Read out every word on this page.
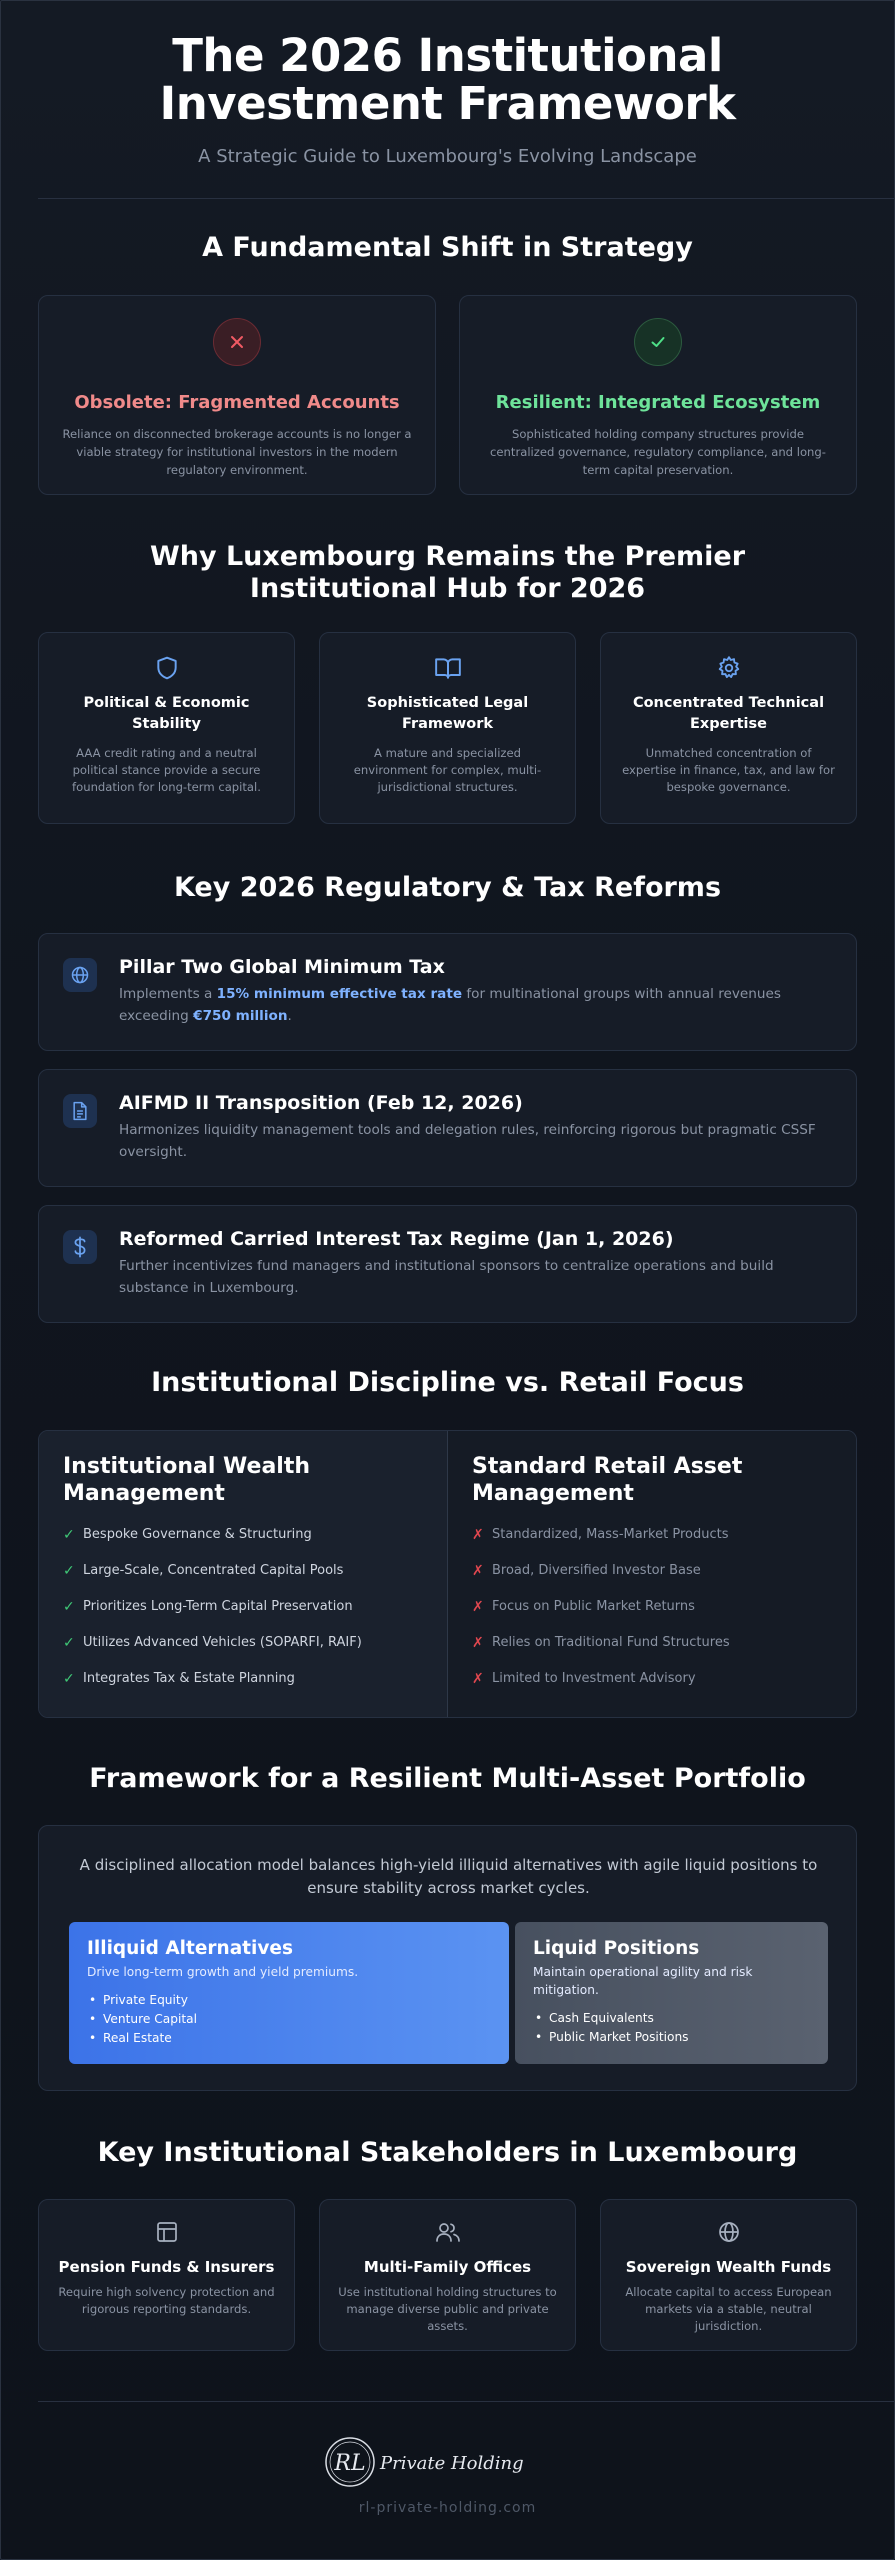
The 2026 Institutional Investment Framework
A Strategic Guide to Luxembourg's Evolving Landscape
A Fundamental Shift in Strategy
Obsolete: Fragmented Accounts
Reliance on disconnected brokerage accounts is no longer a viable strategy for institutional investors in the modern regulatory environment.
Resilient: Integrated Ecosystem
Sophisticated holding company structures provide centralized governance, regulatory compliance, and long-term capital preservation.
Why Luxembourg Remains the Premier Institutional Hub for 2026
Political & Economic Stability
AAA credit rating and a neutral political stance provide a secure foundation for long-term capital.
Sophisticated Legal Framework
A mature and specialized environment for complex, multi-jurisdictional structures.
Concentrated Technical Expertise
Unmatched concentration of expertise in finance, tax, and law for bespoke governance.
Key 2026 Regulatory & Tax Reforms
Pillar Two Global Minimum Tax
Implements a 15% minimum effective tax rate for multinational groups with annual revenues exceeding €750 million.
AIFMD II Transposition (Feb 12, 2026)
Harmonizes liquidity management tools and delegation rules, reinforcing rigorous but pragmatic CSSF oversight.
Reformed Carried Interest Tax Regime (Jan 1, 2026)
Further incentivizes fund managers and institutional sponsors to centralize operations and build substance in Luxembourg.
Institutional Discipline vs. Retail Focus
Institutional Wealth Management
✓ Bespoke Governance & Structuring
✓ Large-Scale, Concentrated Capital Pools
✓ Prioritizes Long-Term Capital Preservation
✓ Utilizes Advanced Vehicles (SOPARFI, RAIF)
✓ Integrates Tax & Estate Planning
Standard Retail Asset Management
✗ Standardized, Mass-Market Products
✗ Broad, Diversified Investor Base
✗ Focus on Public Market Returns
✗ Relies on Traditional Fund Structures
✗ Limited to Investment Advisory
Framework for a Resilient Multi-Asset Portfolio
A disciplined allocation model balances high-yield illiquid alternatives with agile liquid positions to ensure stability across market cycles.
Illiquid Alternatives
Drive long-term growth and yield premiums.
• Private Equity
• Venture Capital
• Real Estate
Liquid Positions
Maintain operational agility and risk mitigation.
• Cash Equivalents
• Public Market Positions
Key Institutional Stakeholders in Luxembourg
Pension Funds & Insurers
Require high solvency protection and rigorous reporting standards.
Multi-Family Offices
Use institutional holding structures to manage diverse public and private assets.
Sovereign Wealth Funds
Allocate capital to access European markets via a stable, neutral jurisdiction.
RL Private Holding
rl-private-holding.com
